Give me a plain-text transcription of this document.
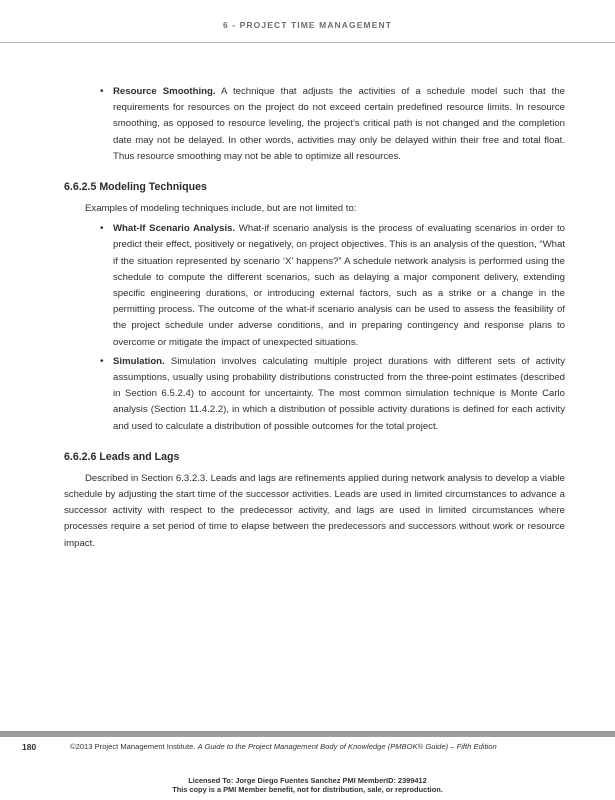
6 - PROJECT TIME MANAGEMENT
• Resource Smoothing. A technique that adjusts the activities of a schedule model such that the requirements for resources on the project do not exceed certain predefined resource limits. In resource smoothing, as opposed to resource leveling, the project’s critical path is not changed and the completion date may not be delayed. In other words, activities may only be delayed within their free and total float. Thus resource smoothing may not be able to optimize all resources.
6.6.2.5 Modeling Techniques
Examples of modeling techniques include, but are not limited to:
• What-If Scenario Analysis. What-if scenario analysis is the process of evaluating scenarios in order to predict their effect, positively or negatively, on project objectives. This is an analysis of the question, “What if the situation represented by scenario ‘X’ happens?” A schedule network analysis is performed using the schedule to compute the different scenarios, such as delaying a major component delivery, extending specific engineering durations, or introducing external factors, such as a strike or a change in the permitting process. The outcome of the what-if scenario analysis can be used to assess the feasibility of the project schedule under adverse conditions, and in preparing contingency and response plans to overcome or mitigate the impact of unexpected situations.
• Simulation. Simulation involves calculating multiple project durations with different sets of activity assumptions, usually using probability distributions constructed from the three-point estimates (described in Section 6.5.2.4) to account for uncertainty. The most common simulation technique is Monte Carlo analysis (Section 11.4.2.2), in which a distribution of possible activity durations is defined for each activity and used to calculate a distribution of possible outcomes for the total project.
6.6.2.6 Leads and Lags
Described in Section 6.3.2.3. Leads and lags are refinements applied during network analysis to develop a viable schedule by adjusting the start time of the successor activities. Leads are used in limited circumstances to advance a successor activity with respect to the predecessor activity, and lags are used in limited circumstances where processes require a set period of time to elapse between the predecessors and successors without work or resource impact.
180	©2013 Project Management Institute. A Guide to the Project Management Body of Knowledge (PMBOK® Guide) – Fifth Edition
Licensed To: Jorge Diego Fuentes Sanchez PMI MemberID: 2399412
This copy is a PMI Member benefit, not for distribution, sale, or reproduction.
